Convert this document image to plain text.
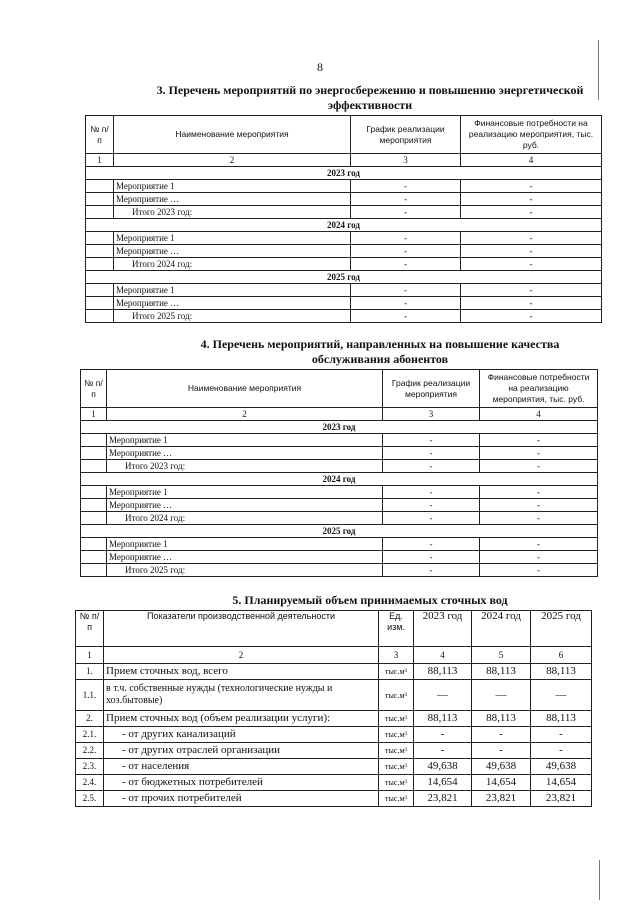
8
3. Перечень мероприятий по энергосбережению и повышению энергетической
эффективности
№ п/п	Наименование мероприятия	График реализации мероприятия	Финансовые потребности на реализацию мероприятия, тыс. руб.
1	2	3	4
2023 год			
	Мероприятие 1	-	-
	Мероприятие …	-	-
	Итого 2023 год:	-	-
2024 год			
	Мероприятие 1	-	-
	Мероприятие …	-	-
	Итого 2024 год:	-	-
2025 год			
	Мероприятие 1	-	-
	Мероприятие …	-	-
	Итого 2025 год:	-	-
4. Перечень мероприятий, направленных на повышение качества
обслуживания абонентов
№ п/п	Наименование мероприятия	График реализации мероприятия	Финансовые потребности на реализацию мероприятия, тыс. руб.
1	2	3	4
2023 год			
	Мероприятие 1	-	-
	Мероприятие …	-	-
	Итого 2023 год:	-	-
2024 год			
	Мероприятие 1	-	-
	Мероприятие …	-	-
	Итого 2024 год:	-	-
2025 год			
	Мероприятие 1	-	-
	Мероприятие …	-	-
	Итого 2025 год:	-	-
5. Планируемый объем принимаемых сточных вод
№ п/п	Показатели производственной деятельности	Ед. изм.	2023 год	2024 год	2025 год
1	2	3	4	5	6
1.	Прием сточных вод, всего	тыс.м³	88,113	88,113	88,113
1.1.	в т.ч. собственные нужды (технологические нужды и хоз.бытовые)	тыс.м³	—	—	—
2.	Прием сточных вод (объем реализации услуги):	тыс.м³	88,113	88,113	88,113
2.1.	- от других канализаций	тыс.м³	-	-	-
2.2.	- от других отраслей организации	тыс.м³	-	-	-
2.3.	- от населения	тыс.м³	49,638	49,638	49,638
2.4.	- от бюджетных потребителей	тыс.м³	14,654	14,654	14,654
2.5.	- от прочих потребителей	тыс.м³	23,821	23,821	23,821
